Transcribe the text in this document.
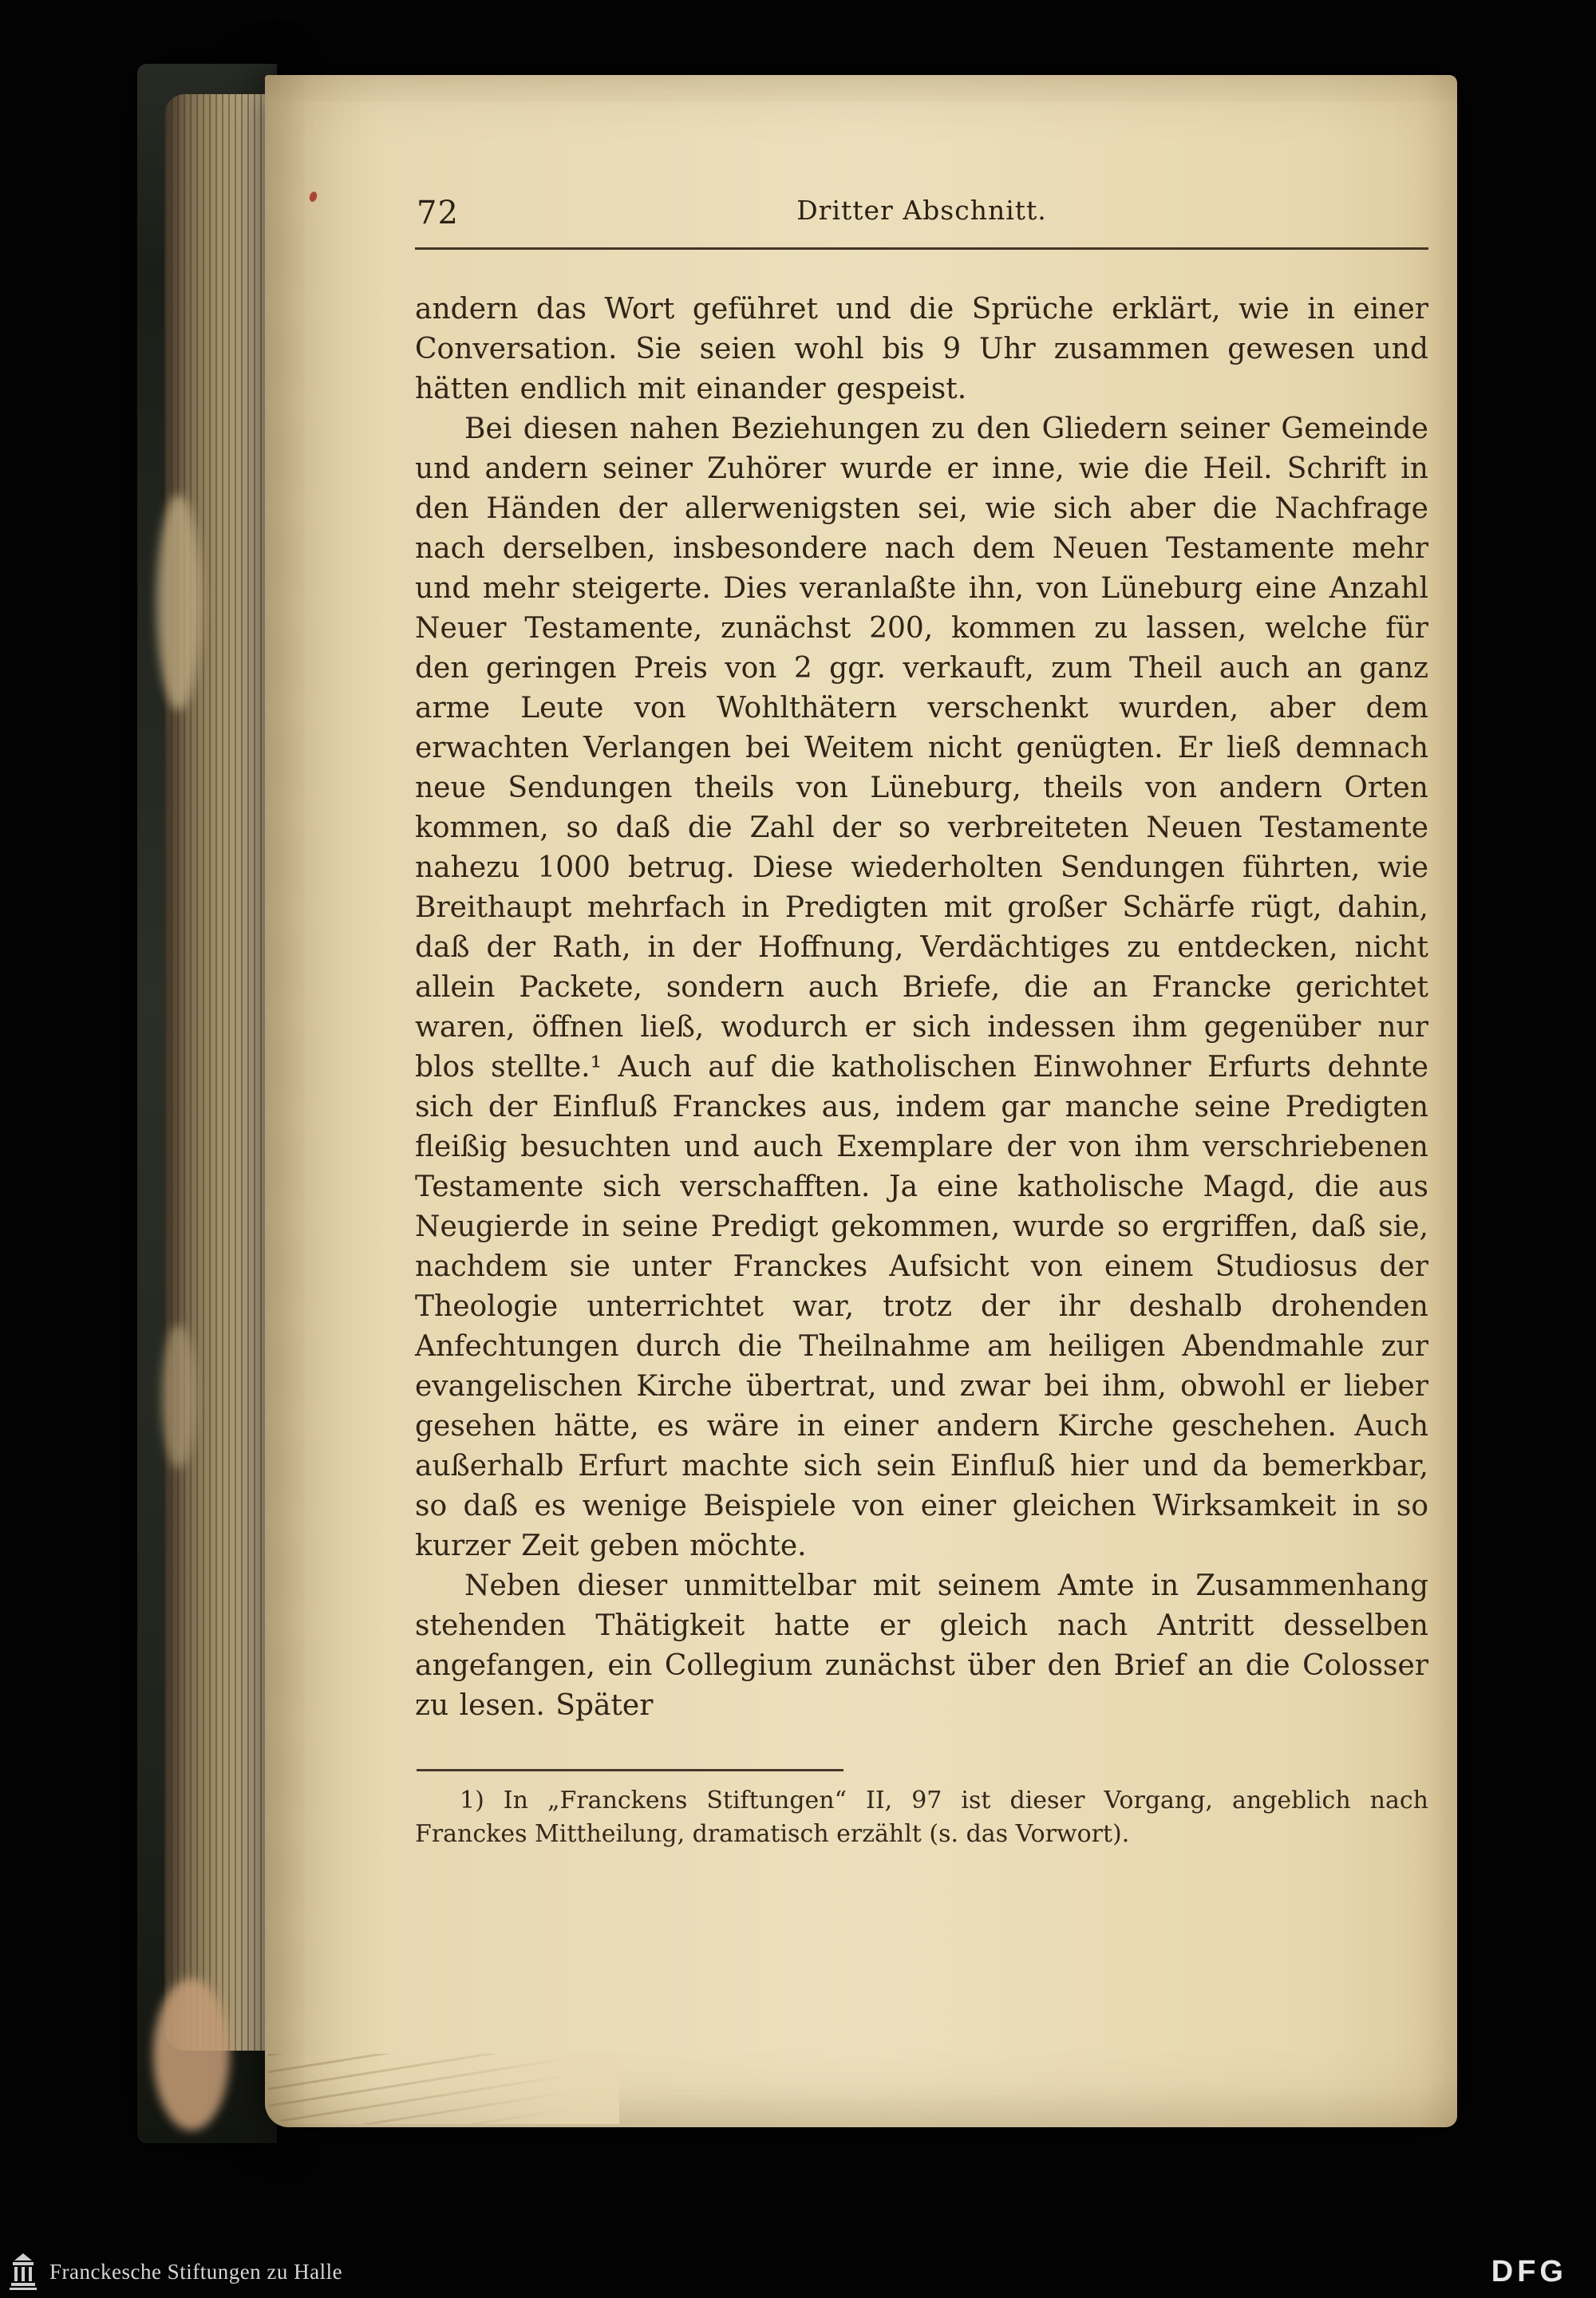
72	Dritter Abschnitt.

andern das Wort geführet und die Sprüche erklärt, wie in einer Conversation. Sie seien wohl bis 9 Uhr zusammen gewesen und hätten endlich mit einander gespeist.

Bei diesen nahen Beziehungen zu den Gliedern seiner Gemeinde und andern seiner Zuhörer wurde er inne, wie die Heil. Schrift in den Händen der allerwenigsten sei, wie sich aber die Nachfrage nach derselben, insbesondere nach dem Neuen Testamente mehr und mehr steigerte. Dies veranlaßte ihn, von Lüneburg eine Anzahl Neuer Testamente, zunächst 200, kommen zu lassen, welche für den geringen Preis von 2 ggr. verkauft, zum Theil auch an ganz arme Leute von Wohlthätern verschenkt wurden, aber dem erwachten Verlangen bei Weitem nicht genügten. Er ließ demnach neue Sendungen theils von Lüneburg, theils von andern Orten kommen, so daß die Zahl der so verbreiteten Neuen Testamente nahezu 1000 betrug. Diese wiederholten Sendungen führten, wie Breithaupt mehrfach in Predigten mit großer Schärfe rügt, dahin, daß der Rath, in der Hoffnung, Verdächtiges zu entdecken, nicht allein Packete, sondern auch Briefe, die an Francke gerichtet waren, öffnen ließ, wodurch er sich indessen ihm gegenüber nur blos stellte.¹ Auch auf die katholischen Einwohner Erfurts dehnte sich der Einfluß Franckes aus, indem gar manche seine Predigten fleißig besuchten und auch Exemplare der von ihm verschriebenen Testamente sich verschafften. Ja eine katholische Magd, die aus Neugierde in seine Predigt gekommen, wurde so ergriffen, daß sie, nachdem sie unter Franckes Aufsicht von einem Studiosus der Theologie unterrichtet war, trotz der ihr deshalb drohenden Anfechtungen durch die Theilnahme am heiligen Abendmahle zur evangelischen Kirche übertrat, und zwar bei ihm, obwohl er lieber gesehen hätte, es wäre in einer andern Kirche geschehen. Auch außerhalb Erfurt machte sich sein Einfluß hier und da bemerkbar, so daß es wenige Beispiele von einer gleichen Wirksamkeit in so kurzer Zeit geben möchte.

Neben dieser unmittelbar mit seinem Amte in Zusammenhang stehenden Thätigkeit hatte er gleich nach Antritt desselben angefangen, ein Collegium zunächst über den Brief an die Colosser zu lesen. Später

1) In „Franckens Stiftungen“ II, 97 ist dieser Vorgang, angeblich nach Franckes Mittheilung, dramatisch erzählt (s. das Vorwort).

Franckesche Stiftungen zu Halle	DFG
